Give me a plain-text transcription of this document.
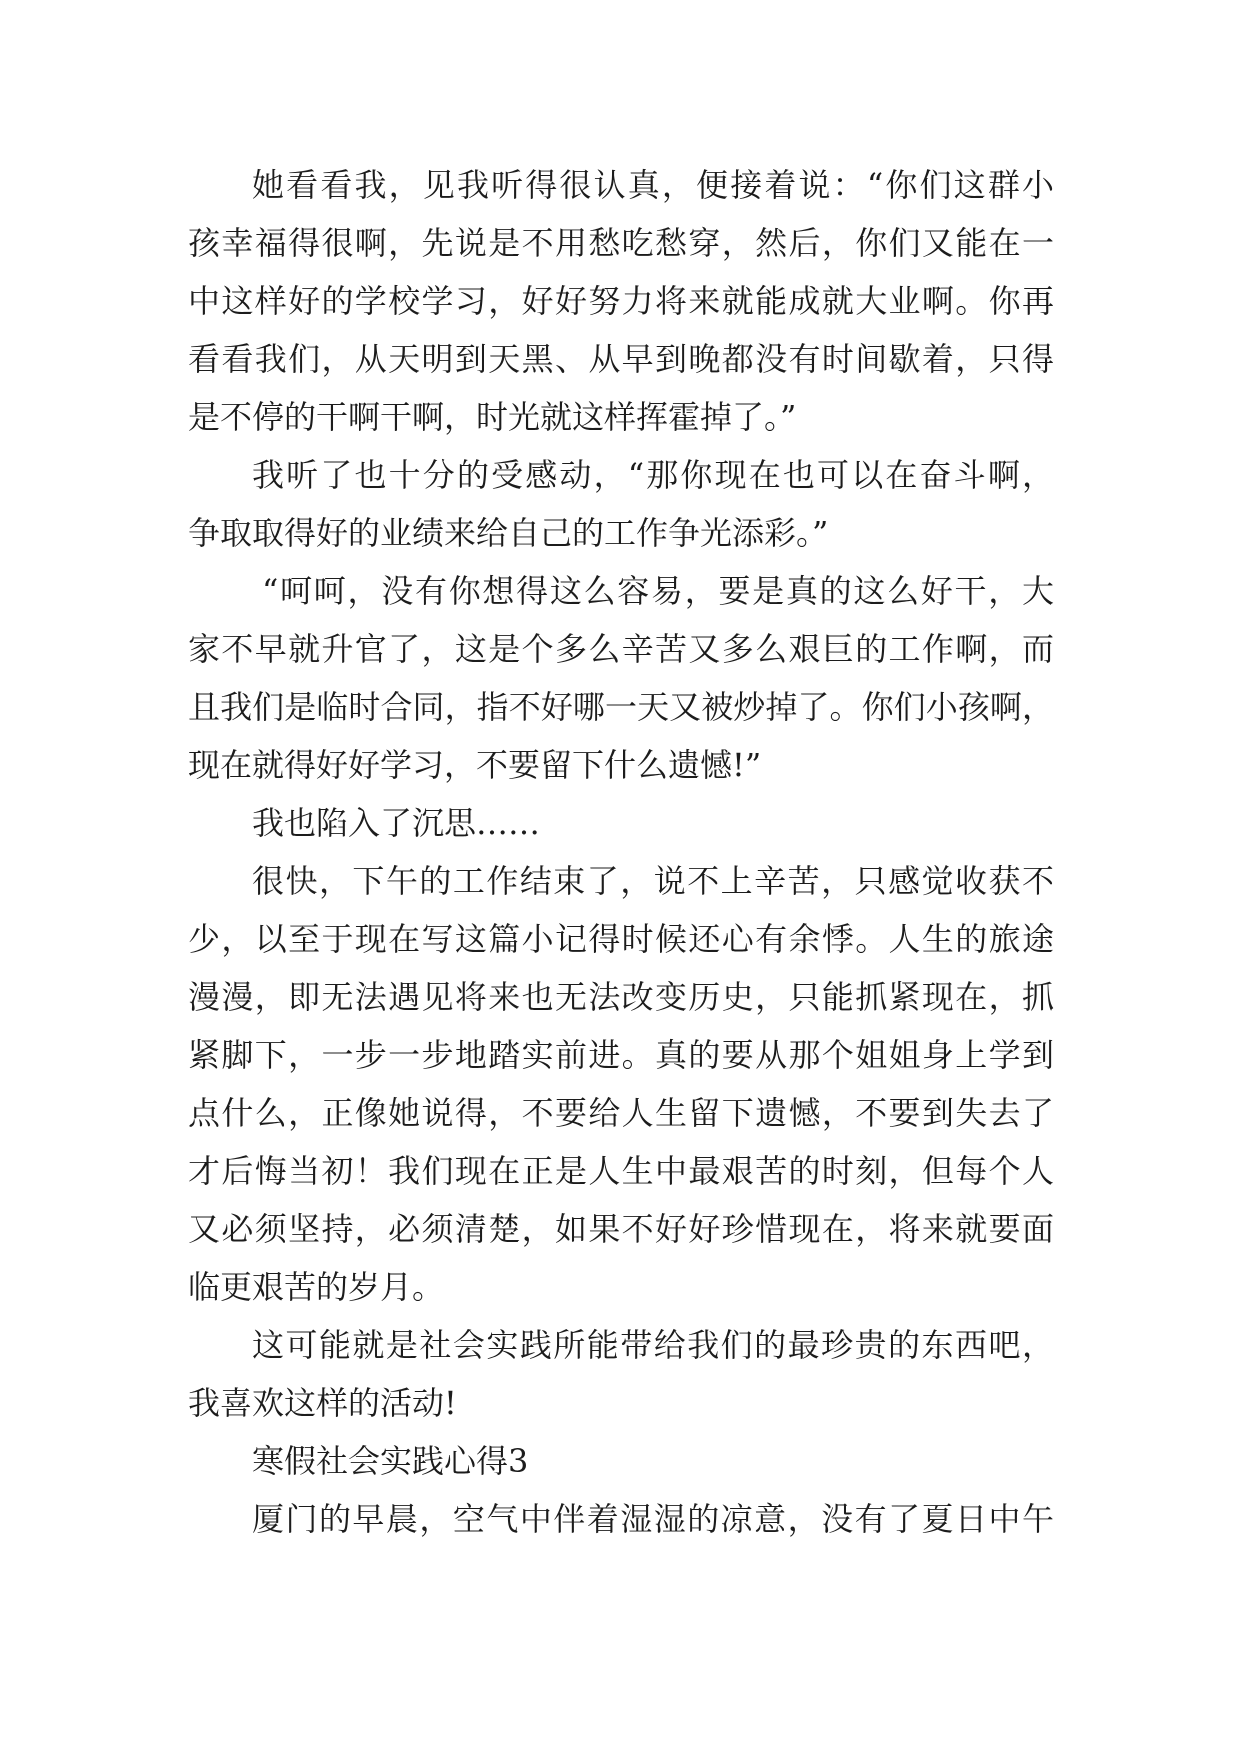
她看看我，见我听得很认真，便接着说：“你们这群小
孩幸福得很啊，先说是不用愁吃愁穿，然后，你们又能在一
中这样好的学校学习，好好努力将来就能成就大业啊。你再
看看我们，从天明到天黑、从早到晚都没有时间歇着，只得
是不停的干啊干啊，时光就这样挥霍掉了。”
我听了也十分的受感动，“那你现在也可以在奋斗啊，
争取取得好的业绩来给自己的工作争光添彩。”
“呵呵，没有你想得这么容易，要是真的这么好干，大
家不早就升官了，这是个多么辛苦又多么艰巨的工作啊，而
且我们是临时合同，指不好哪一天又被炒掉了。你们小孩啊，
现在就得好好学习，不要留下什么遗憾!”
我也陷入了沉思……
很快，下午的工作结束了，说不上辛苦，只感觉收获不
少，以至于现在写这篇小记得时候还心有余悸。人生的旅途
漫漫，即无法遇见将来也无法改变历史，只能抓紧现在，抓
紧脚下，一步一步地踏实前进。真的要从那个姐姐身上学到
点什么，正像她说得，不要给人生留下遗憾，不要到失去了
才后悔当初！我们现在正是人生中最艰苦的时刻，但每个人
又必须坚持，必须清楚，如果不好好珍惜现在，将来就要面
临更艰苦的岁月。
这可能就是社会实践所能带给我们的最珍贵的东西吧，
我喜欢这样的活动!
寒假社会实践心得3
厦门的早晨，空气中伴着湿湿的凉意，没有了夏日中午
